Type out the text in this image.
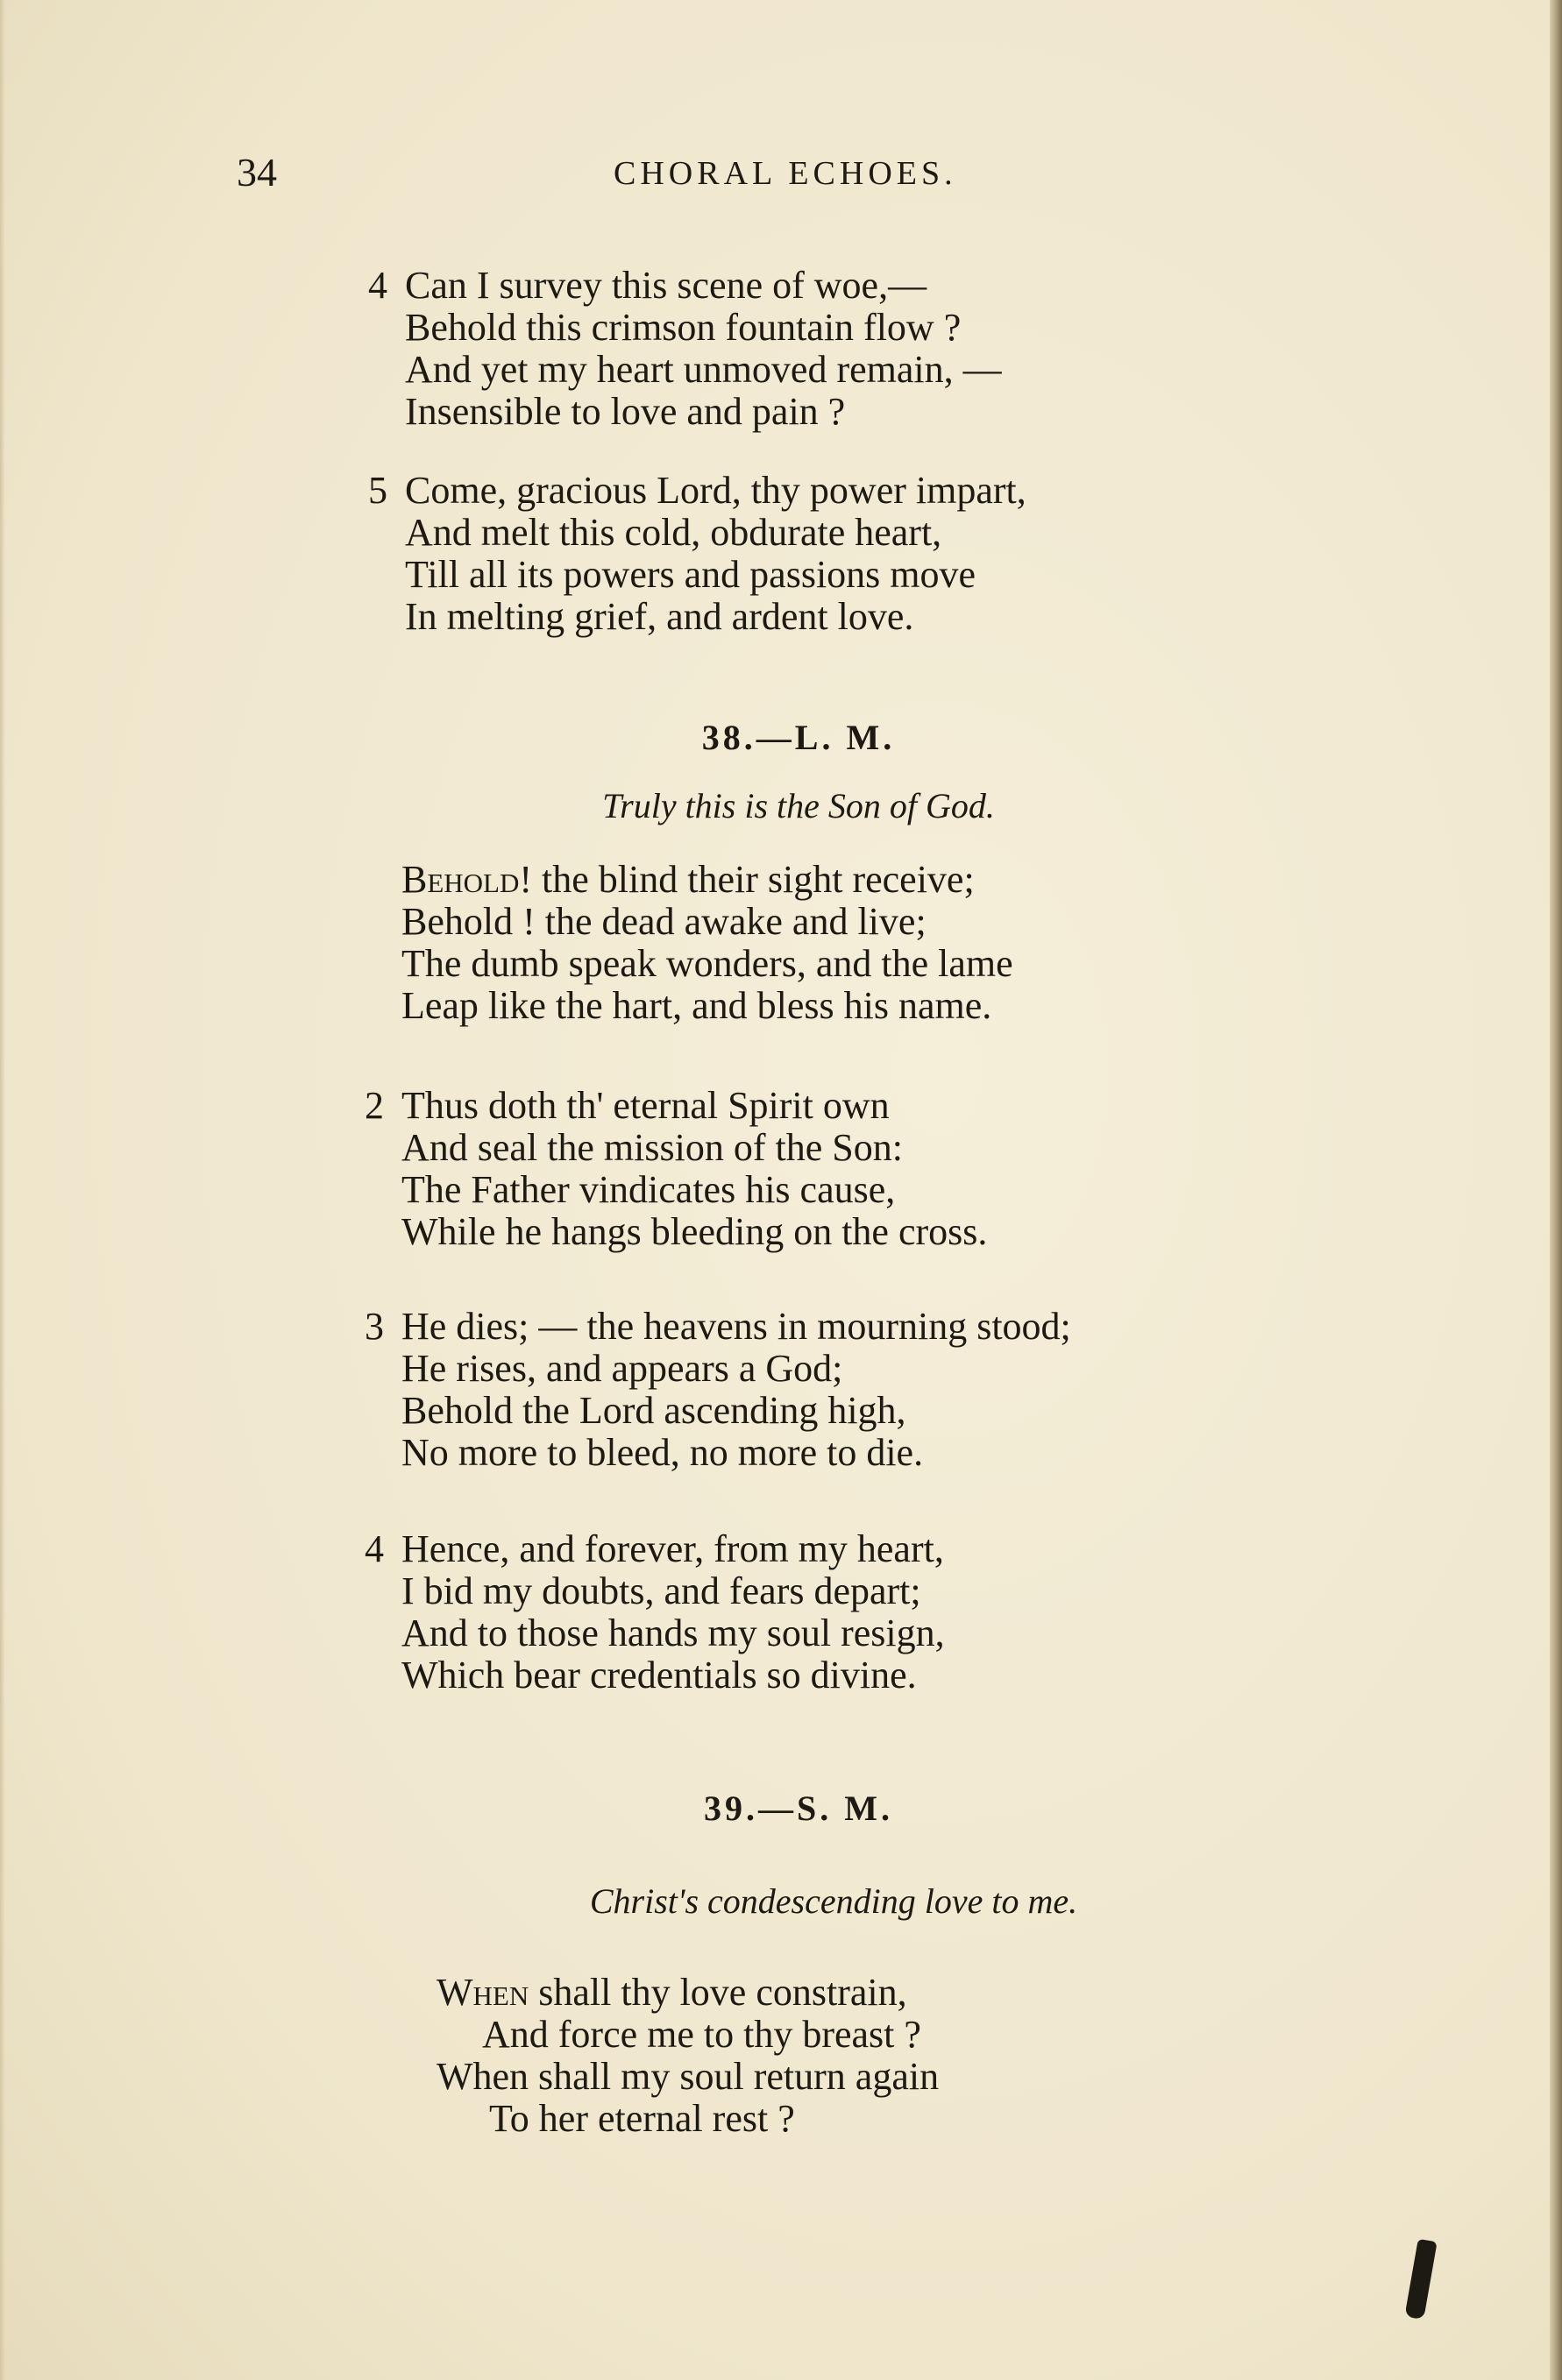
34	CHORAL ECHOES.
4 Can I survey this scene of woe,—
Behold this crimson fountain flow ?
And yet my heart unmoved remain, —
Insensible to love and pain ?
5 Come, gracious Lord, thy power impart,
And melt this cold, obdurate heart,
Till all its powers and passions move
In melting grief, and ardent love.
38.—L. M.
Truly this is the Son of God.
Behold! the blind their sight receive;
Behold ! the dead awake and live;
The dumb speak wonders, and the lame
Leap like the hart, and bless his name.
2 Thus doth th' eternal Spirit own
And seal the mission of the Son:
The Father vindicates his cause,
While he hangs bleeding on the cross.
3 He dies; — the heavens in mourning stood;
He rises, and appears a God;
Behold the Lord ascending high,
No more to bleed, no more to die.
4 Hence, and forever, from my heart,
I bid my doubts, and fears depart;
And to those hands my soul resign,
Which bear credentials so divine.
39.—S. M.
Christ's condescending love to me.
When shall thy love constrain,
And force me to thy breast ?
When shall my soul return again
To her eternal rest ?
